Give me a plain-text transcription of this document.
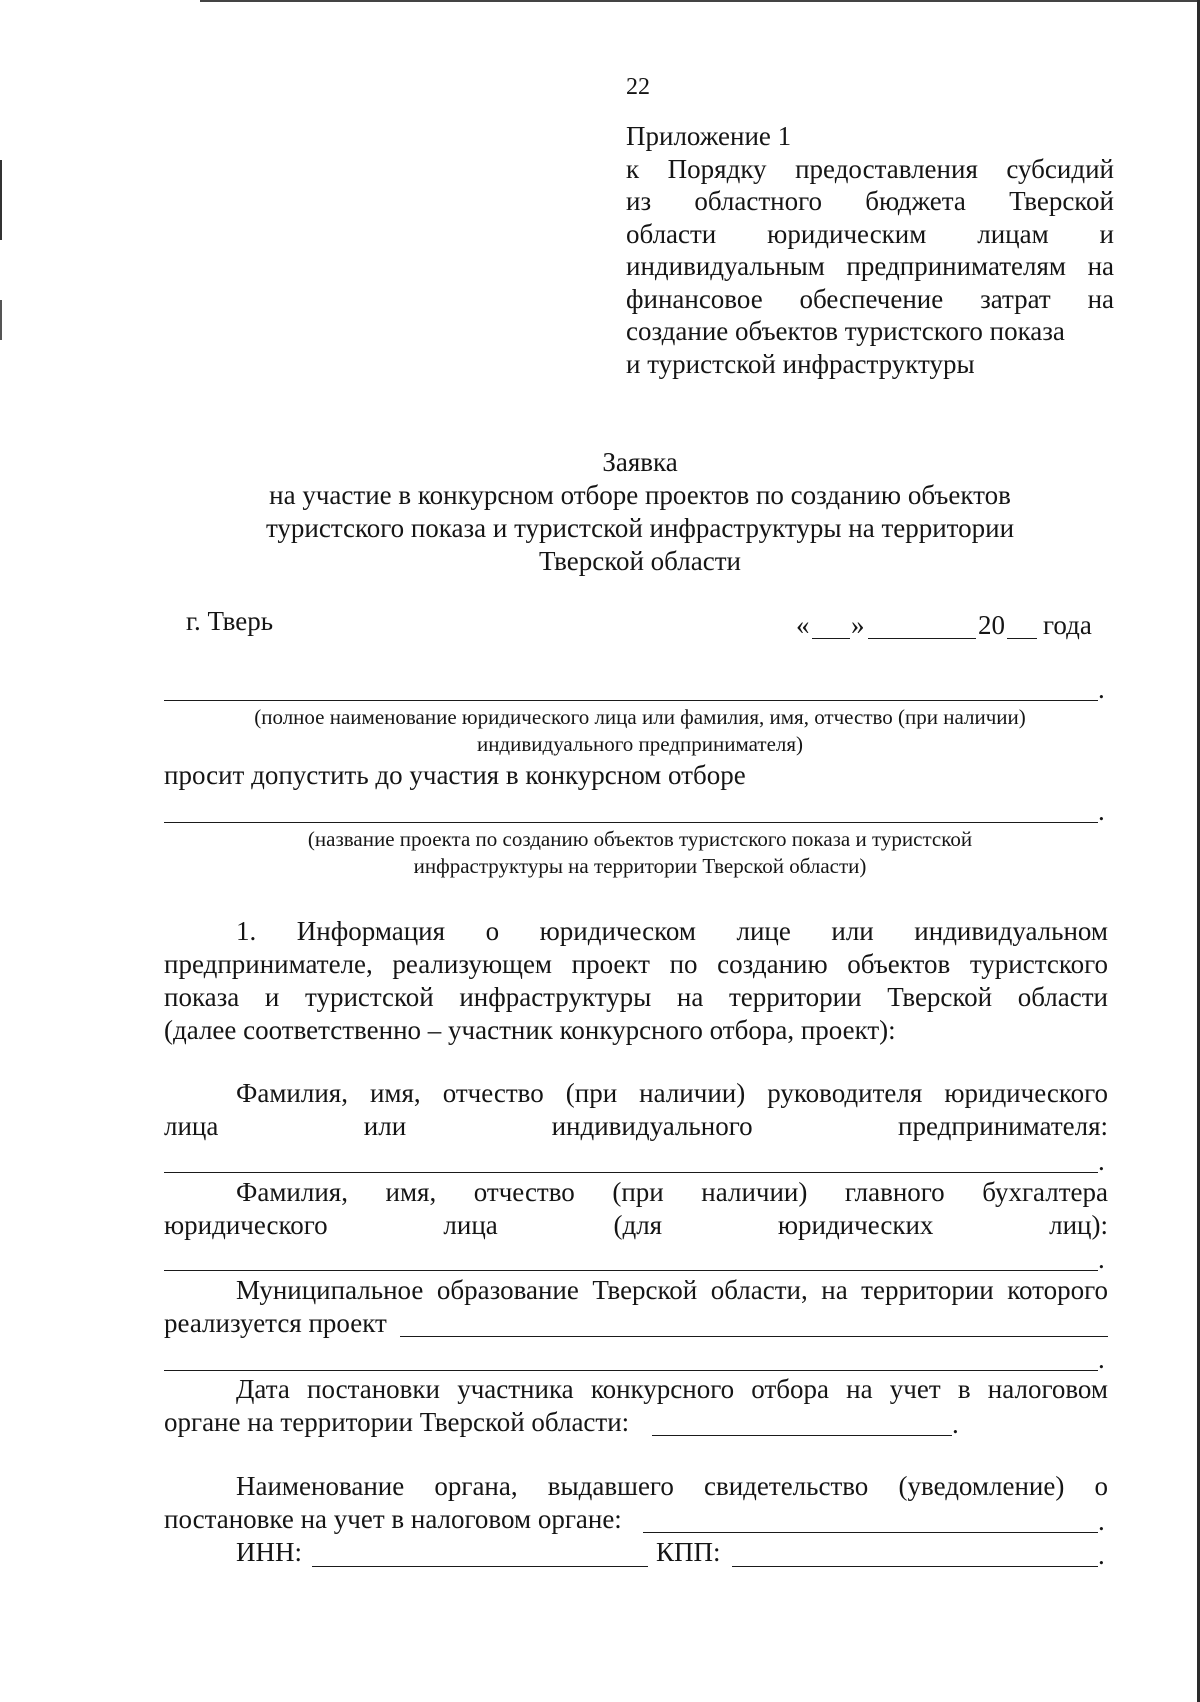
22
Приложение 1
к Порядку предоставления субсидий
из областного бюджета Тверской
области юридическим лицам и
индивидуальным предпринимателям на
финансовое обеспечение затрат на
создание объектов туристского показа
и туристской инфраструктуры
Заявка
на участие в конкурсном отборе проектов по созданию объектов
туристского показа и туристской инфраструктуры на территории
Тверской области
г. Тверь	« »	20 года
.
(полное наименование юридического лица или фамилия, имя, отчество (при наличии)
индивидуального предпринимателя)
просит допустить до участия в конкурсном отборе
.
(название проекта по созданию объектов туристского показа и туристской
инфраструктуры на территории Тверской области)
1. Информация о юридическом лице или индивидуальном
предпринимателе, реализующем проект по созданию объектов туристского
показа и туристской инфраструктуры на территории Тверской области
(далее соответственно – участник конкурсного отбора, проект):
Фамилия, имя, отчество (при наличии) руководителя юридического
лица или индивидуального предпринимателя:
.
Фамилия, имя, отчество (при наличии) главного бухгалтера
юридического лица (для юридических лиц):
.
Муниципальное образование Тверской области, на территории которого
реализуется проект
.
Дата постановки участника конкурсного отбора на учет в налоговом
органе на территории Тверской области:	.
Наименование органа, выдавшего свидетельство (уведомление) о
постановке на учет в налоговом органе:	.
ИНН:	КПП:	.
